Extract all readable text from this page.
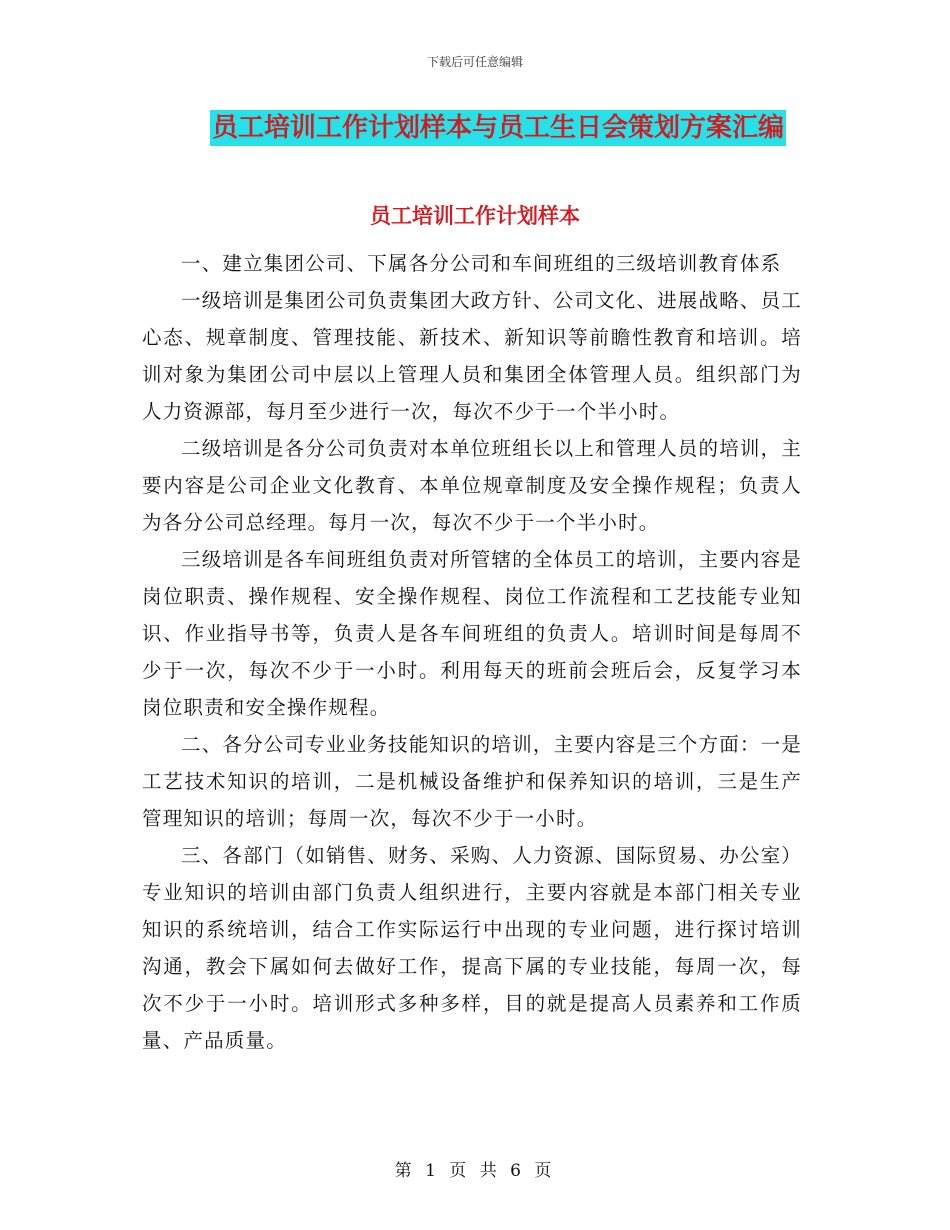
下载后可任意编辑
员工培训工作计划样本与员工生日会策划方案汇编
员工培训工作计划样本

一、建立集团公司、下属各分公司和车间班组的三级培训教育体系

一级培训是集团公司负责集团大政方针、公司文化、进展战略、员工心态、规章制度、管理技能、新技术、新知识等前瞻性教育和培训。培训对象为集团公司中层以上管理人员和集团全体管理人员。组织部门为人力资源部，每月至少进行一次，每次不少于一个半小时。

二级培训是各分公司负责对本单位班组长以上和管理人员的培训，主要内容是公司企业文化教育、本单位规章制度及安全操作规程；负责人为各分公司总经理。每月一次，每次不少于一个半小时。

三级培训是各车间班组负责对所管辖的全体员工的培训，主要内容是岗位职责、操作规程、安全操作规程、岗位工作流程和工艺技能专业知识、作业指导书等，负责人是各车间班组的负责人。培训时间是每周不少于一次，每次不少于一小时。利用每天的班前会班后会，反复学习本岗位职责和安全操作规程。

二、各分公司专业业务技能知识的培训，主要内容是三个方面：一是工艺技术知识的培训，二是机械设备维护和保养知识的培训，三是生产管理知识的培训；每周一次，每次不少于一小时。

三、各部门（如销售、财务、采购、人力资源、国际贸易、办公室）专业知识的培训由部门负责人组织进行，主要内容就是本部门相关专业知识的系统培训，结合工作实际运行中出现的专业问题，进行探讨培训沟通，教会下属如何去做好工作，提高下属的专业技能，每周一次，每次不少于一小时。培训形式多种多样，目的就是提高人员素养和工作质量、产品质量。

第 1 页 共 6 页
